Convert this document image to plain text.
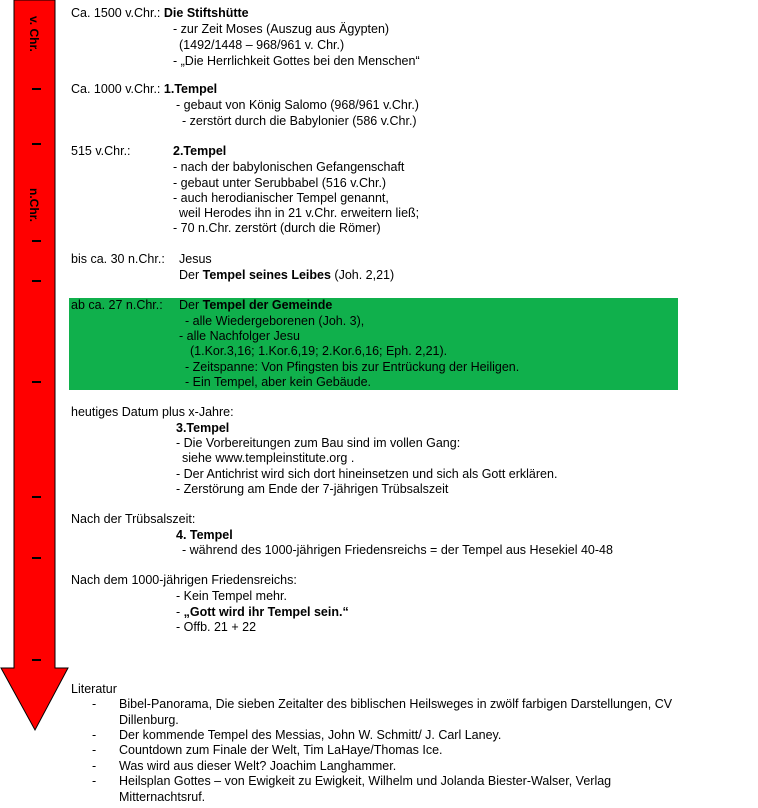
v. Chr.
n.Chr.
Ca. 1500 v.Chr.: Die Stiftshütte
- zur Zeit Moses (Auszug aus Ägypten)
(1492/1448 – 968/961 v. Chr.)
- „Die Herrlichkeit Gottes bei den Menschen“
Ca. 1000 v.Chr.: 1.Tempel
- gebaut von König Salomo (968/961 v.Chr.)
- zerstört durch die Babylonier (586 v.Chr.)
515 v.Chr.:	2.Tempel
- nach der babylonischen Gefangenschaft
- gebaut unter Serubbabel (516 v.Chr.)
- auch herodianischer Tempel genannt,
weil Herodes ihn in 21 v.Chr. erweitern ließ;
- 70 n.Chr. zerstört (durch die Römer)
bis ca. 30 n.Chr.: Jesus
Der Tempel seines Leibes (Joh. 2,21)
ab ca. 27 n.Chr.: Der Tempel der Gemeinde
- alle Wiedergeborenen (Joh. 3),
- alle Nachfolger Jesu
(1.Kor.3,16; 1.Kor.6,19; 2.Kor.6,16; Eph. 2,21).
- Zeitspanne: Von Pfingsten bis zur Entrückung der Heiligen.
- Ein Tempel, aber kein Gebäude.
heutiges Datum plus x-Jahre:
3.Tempel
- Die Vorbereitungen zum Bau sind im vollen Gang:
siehe www.templeinstitute.org .
- Der Antichrist wird sich dort hineinsetzen und sich als Gott erklären.
- Zerstörung am Ende der 7-jährigen Trübsalszeit
Nach der Trübsalszeit:
4. Tempel
- während des 1000-jährigen Friedensreichs = der Tempel aus Hesekiel 40-48
Nach dem 1000-jährigen Friedensreichs:
- Kein Tempel mehr.
- „Gott wird ihr Tempel sein.“
- Offb. 21 + 22
Literatur
- Bibel-Panorama, Die sieben Zeitalter des biblischen Heilsweges in zwölf farbigen Darstellungen, CV Dillenburg.
- Der kommende Tempel des Messias, John W. Schmitt/ J. Carl Laney.
- Countdown zum Finale der Welt, Tim LaHaye/Thomas Ice.
- Was wird aus dieser Welt? Joachim Langhammer.
- Heilsplan Gottes – von Ewigkeit zu Ewigkeit, Wilhelm und Jolanda Biester-Walser, Verlag Mitternachtsruf.
